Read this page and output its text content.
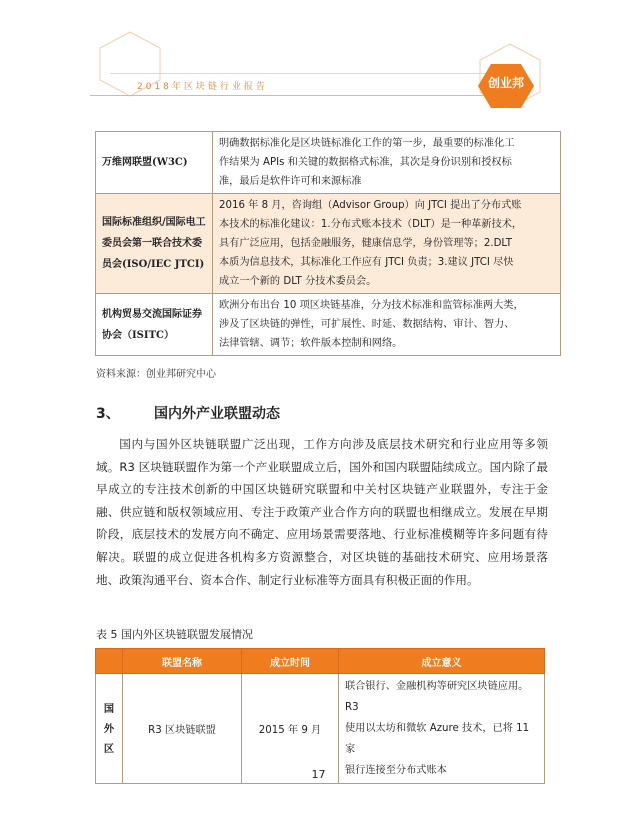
2018年区块链行业报告	创业邦
万维网联盟(W3C)	明确数据标准化是区块链标准化工作的第一步，最重要的标准化工
作结果为 APIs 和关键的数据格式标准，其次是身份识别和授权标
准，最后是软件许可和来源标准

国际标准组织/国际电工委员会第一联合技术委员会(ISO/IEC JTCI)	2016 年 8 月，咨询组（Advisor Group）向 JTCI 提出了分布式账
本技术的标准化建议：1.分布式账本技术（DLT）是一种革新技术，
具有广泛应用，包括金融服务，健康信息学，身份管理等；2.DLT
本质为信息技术，其标准化工作应有 JTCI 负责；3.建议 JTCI 尽快
成立一个新的 DLT 分技术委员会。

机构贸易交流国际证券协会（ISITC）	欧洲分布出台 10 项区块链基准，分为技术标准和监管标准两大类，
涉及了区块链的弹性，可扩展性、时延、数据结构、审计、智力、
法律管辖、调节；软件版本控制和网络。
资料来源：创业邦研究中心
3、 国内外产业联盟动态
国内与国外区块链联盟广泛出现，工作方向涉及底层技术研究和行业应用等多领域。R3 区块链联盟作为第一个产业联盟成立后，国外和国内联盟陆续成立。国内除了最早成立的专注技术创新的中国区块链研究联盟和中关村区块链产业联盟外，专注于金融、供应链和版权领域应用、专注于政策产业合作方向的联盟也相继成立。发展在早期阶段，底层技术的发展方向不确定、应用场景需要落地、行业标准模糊等许多问题有待解决。联盟的成立促进各机构多方资源整合，对区块链的基础技术研究、应用场景落地、政策沟通平台、资本合作、制定行业标准等方面具有积极正面的作用。
表 5 国内外区块链联盟发展情况
	联盟名称	成立时间	成立意义
国外区	R3 区块链联盟	2015 年 9 月	联合银行、金融机构等研究区块链应用。R3
使用以太坊和微软 Azure 技术，已将 11 家
银行连接至分布式账本
17
